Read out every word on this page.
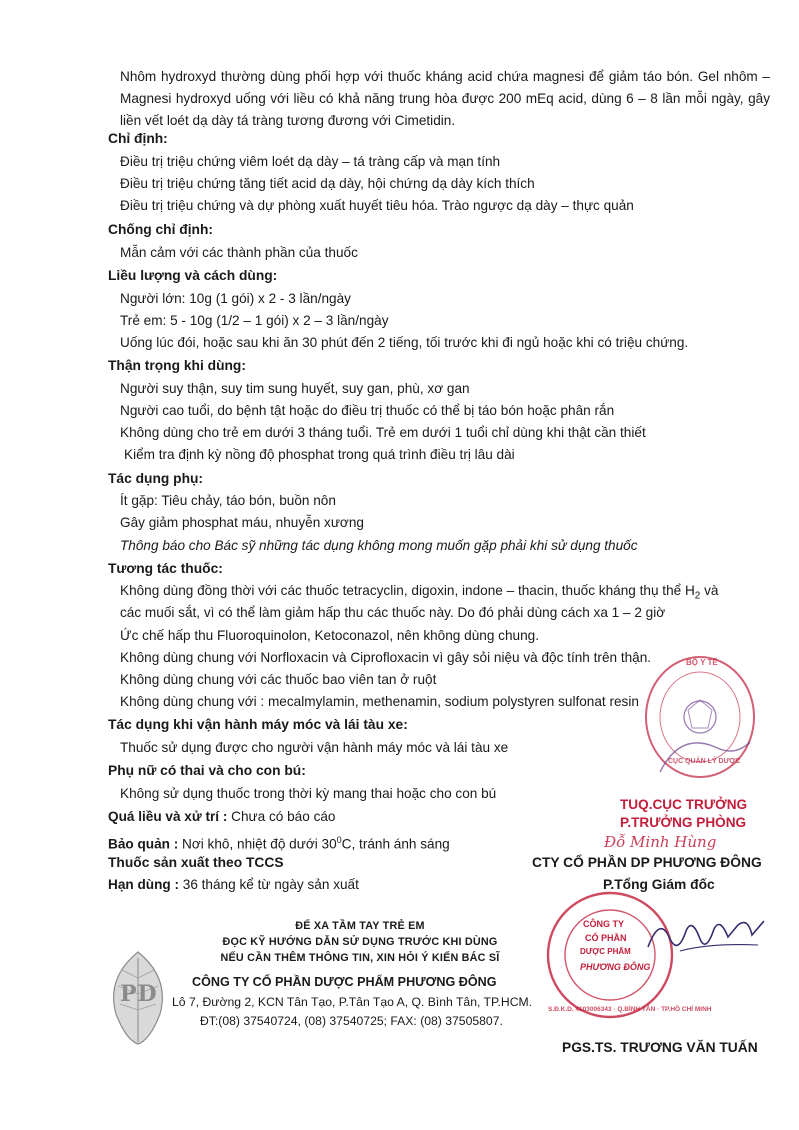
Nhôm hydroxyd thường dùng phối hợp với thuốc kháng acid chứa magnesi để giảm táo bón. Gel nhôm – Magnesi hydroxyd uống với liều có khả năng trung hòa được 200 mEq acid, dùng 6 – 8 lần mỗi ngày, gây liền vết loét dạ dày tá tràng tương đương với Cimetidin.
Chỉ định:
Điều trị triệu chứng viêm loét dạ dày – tá tràng cấp và mạn tính
Điều trị triệu chứng tăng tiết acid dạ dày, hội chứng dạ dày kích thích
Điều trị triệu chứng và dự phòng xuất huyết tiêu hóa. Trào ngược dạ dày – thực quản
Chống chỉ định:
Mẫn cảm với các thành phần của thuốc
Liều lượng và cách dùng:
Người lớn: 10g (1 gói) x 2 - 3 lần/ngày
Trẻ em: 5 - 10g (1/2 – 1 gói) x 2 – 3 lần/ngày
Uống lúc đói, hoặc sau khi ăn 30 phút đến 2 tiếng, tối trước khi đi ngủ hoặc khi có triệu chứng.
Thận trọng khi dùng:
Người suy thận, suy tim sung huyết, suy gan, phù, xơ gan
Người cao tuổi, do bệnh tật hoặc do điều trị thuốc có thể bị táo bón hoặc phân rắn
Không dùng cho trẻ em dưới 3 tháng tuổi. Trẻ em dưới 1 tuổi chỉ dùng khi thật cần thiết
Kiểm tra định kỳ nồng độ phosphat trong quá trình điều trị lâu dài
Tác dụng phụ:
Ít gặp: Tiêu chảy, táo bón, buồn nôn
Gây giảm phosphat máu, nhuyễn xương
Thông báo cho Bác sỹ những tác dụng không mong muốn gặp phải khi sử dụng thuốc
Tương tác thuốc:
Không dùng đồng thời với các thuốc tetracyclin, digoxin, indone – thacin, thuốc kháng thụ thể $H_2$ và
các muối sắt, vì có thể làm giảm hấp thu các thuốc này. Do đó phải dùng cách xa 1 – 2 giờ
Ức chế hấp thu Fluoroquinolon, Ketoconazol, nên không dùng chung.
Không dùng chung với Norfloxacin và Ciprofloxacin vì gây sỏi niệu và độc tính trên thận.
Không dùng chung với các thuốc bao viên tan ở ruột
Không dùng chung với : mecalmylamin, methenamin, sodium polystyren sulfonat resin
Tác dụng khi vận hành máy móc và lái tàu xe:
Thuốc sử dụng được cho người vận hành máy móc và lái tàu xe
Phụ nữ có thai và cho con bú:
Không sử dụng thuốc trong thời kỳ mang thai hoặc cho con bú
Quá liều và xử trí : Chưa có báo cáo
Bảo quản : Nơi khô, nhiệt độ dưới $30^0C$, tránh ánh sáng
Thuốc sản xuất theo TCCS
Hạn dùng : 36 tháng kể từ ngày sản xuất
CTY CỔ PHẦN DP PHƯƠNG ĐÔNG
P.Tổng Giám đốc
TUQ.CỤC TRƯỞNG
P.TRƯỞNG PHÒNG
Đỗ Minh Hùng
BỘ Y TẾ
CỤC QUẢN LÝ DƯỢC
CÔNG TY
CỔ PHẦN
DƯỢC PHẨM
PHƯƠNG ĐÔNG
S.Đ.K.D. 4103006343 · Q.BÌNH TÂN · TP.HỒ CHÍ MINH
ĐỂ XA TẦM TAY TRẺ EM
ĐỌC KỸ HƯỚNG DẪN SỬ DỤNG TRƯỚC KHI DÙNG
NẾU CẦN THÊM THÔNG TIN, XIN HỎI Ý KIẾN BÁC SĨ
PD	CÔNG TY CỔ PHẦN DƯỢC PHẨM PHƯƠNG ĐÔNG
Lô 7, Đường 2, KCN Tân Tạo, P.Tân Tạo A, Q. Bình Tân, TP.HCM.
ĐT:(08) 37540724, (08) 37540725; FAX: (08) 37505807.
PGS.TS. TRƯƠNG VĂN TUẤN
